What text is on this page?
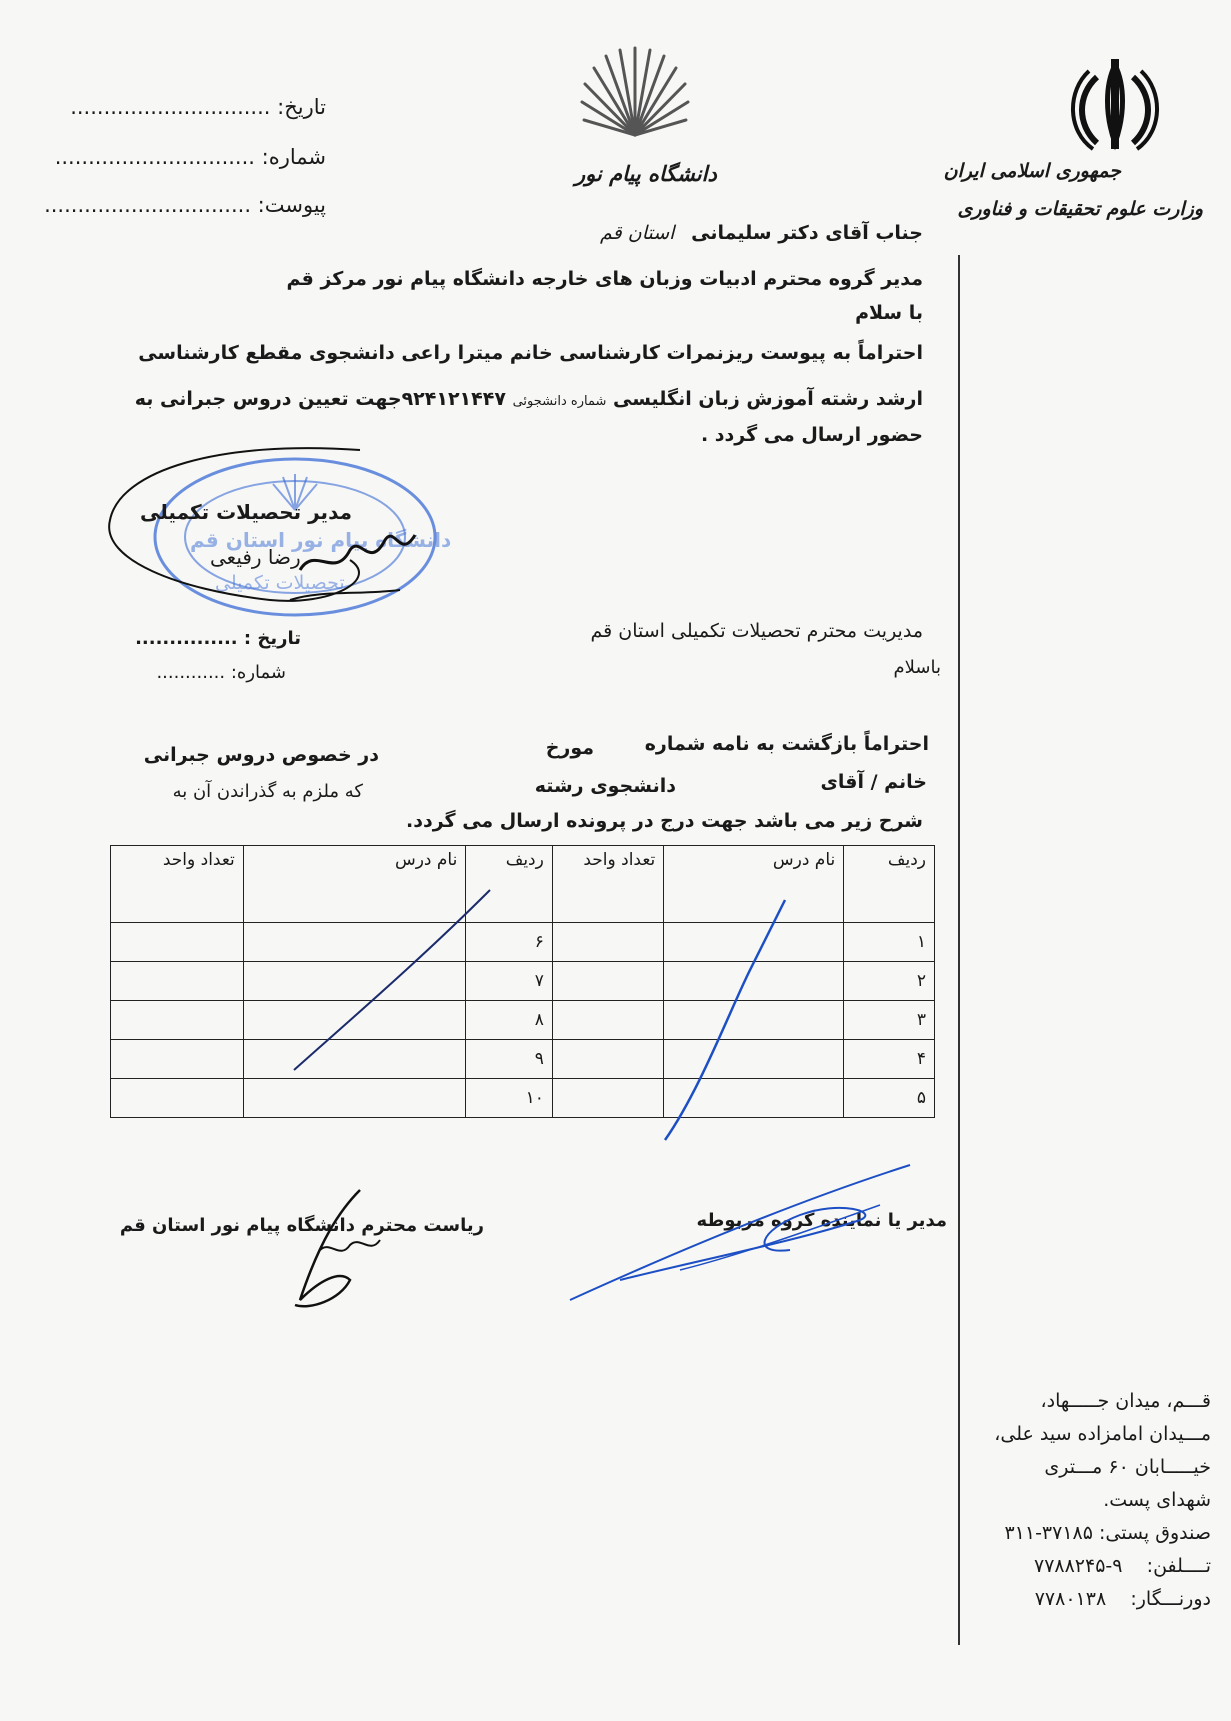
جمهوری اسلامی ایران
وزارت علوم تحقیقات و فناوری
دانشگاه پیام نور
استان قم
تاریخ: ..............................
شماره: ..............................
پیوست: ...............................
جناب آقای دکتر سلیمانی
مدیر گروه محترم ادبیات وزبان های خارجه دانشگاه پیام نور مرکز قم
با سلام
احتراماً به پیوست ریزنمرات کارشناسی خانم میترا راعی دانشجوی مقطع کارشناسی
ارشد رشته آموزش زبان انگلیسی شماره دانشجوئی ۹۲۴۱۲۱۴۴۷جهت تعیین دروس جبرانی به
حضور ارسال می گردد .
دانشگاه پیام نور استان قم
تحصیلات تکمیلی
مدیر تحصیلات تکمیلی
رضا رفیعی
تاریخ : ...............
شماره: ............
مدیریت محترم تحصیلات تکمیلی استان قم
باسلام
احتراماً بازگشت به نامه شماره
مورخ
در خصوص دروس جبرانی
خانم / آقای
دانشجوی رشته
که ملزم به گذراندن آن به
شرح زیر می باشد جهت درج در پرونده ارسال می گردد.
ردیف	نام درس	تعداد واحد	ردیف	نام درس	تعداد واحد
۱			۶		
۲			۷		
۳			۸		
۴			۹		
۵			۱۰		
ریاست محترم دانشگاه پیام نور استان قم	مدیر یا نماینده گروه مربوطه
قـــم، میدان جـــــهاد،
مـــیدان امامزاده سید علی،
خیـــــابان ۶۰ مـــتری
شهدای پست.
صندوق پستی: ۳۷۱۸۵-۳۱۱
تــــلفن:    ۹-۷۷۸۸۲۴۵
دورنـــگار:    ۷۷۸۰۱۳۸
